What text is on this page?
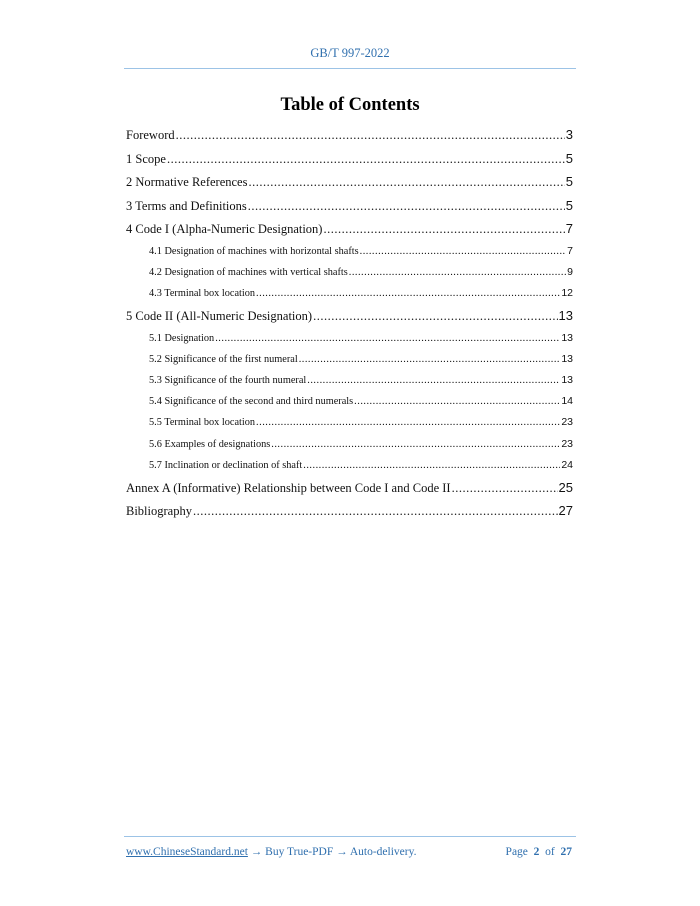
GB/T 997-2022
Table of Contents
Foreword .....	3
1 Scope .....	5
2 Normative References .....	5
3 Terms and Definitions .....	5
4 Code I (Alpha-Numeric Designation) .....	7
4.1 Designation of machines with horizontal shafts .....	7
4.2 Designation of machines with vertical shafts .....	9
4.3 Terminal box location .....	12
5 Code II (All-Numeric Designation) .....	13
5.1 Designation .....	13
5.2 Significance of the first numeral .....	13
5.3 Significance of the fourth numeral .....	13
5.4 Significance of the second and third numerals .....	14
5.5 Terminal box location .....	23
5.6 Examples of designations .....	23
5.7 Inclination or declination of shaft .....	24
Annex A (Informative) Relationship between Code I and Code II .....	25
Bibliography .....	27
www.ChineseStandard.net → Buy True-PDF → Auto-delivery.	Page 2 of 27
